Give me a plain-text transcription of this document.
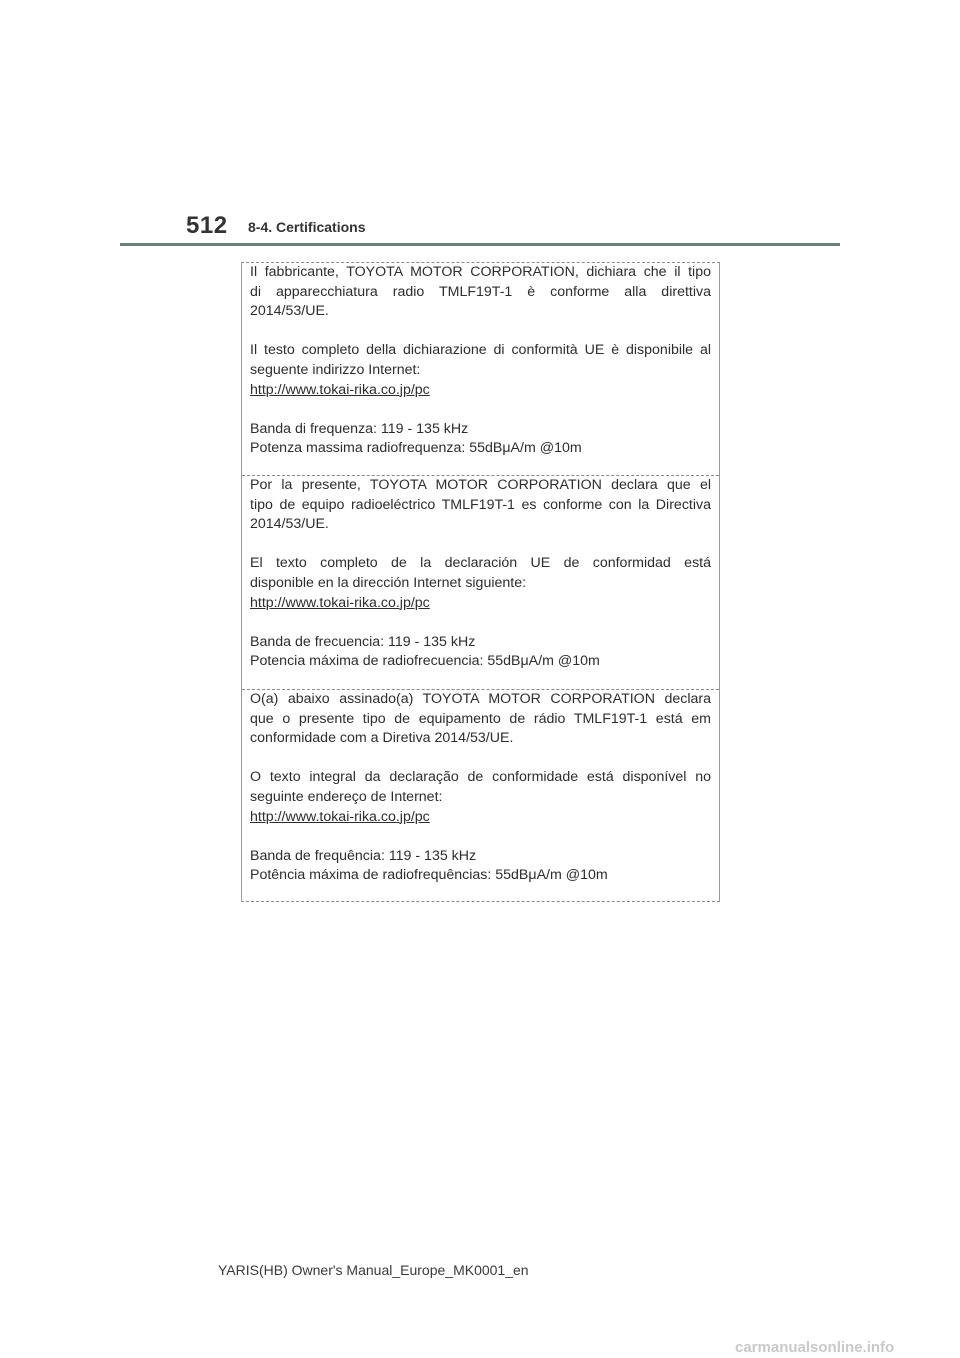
512 8-4. Certifications

Il fabbricante, TOYOTA MOTOR CORPORATION, dichiara che il tipo
di apparecchiatura radio TMLF19T-1 è conforme alla direttiva
2014/53/UE.

Il testo completo della dichiarazione di conformità UE è disponibile al
seguente indirizzo Internet:

http://www.tokai-rika.co.jp/pc
Banda di frequenza: 119 - 135 kHz
Potenza massima radiofrequenza: 55dBμA/m @10m

Por la presente, TOYOTA MOTOR CORPORATION declara que el
tipo de equipo radioeléctrico TMLF19T-1 es conforme con la Directiva
2014/53/UE.

El texto completo de la declaración UE de conformidad está
disponible en la dirección Internet siguiente:

http://www.tokai-rika.co.jp/pc
Banda de frecuencia: 119 - 135 kHz
Potencia máxima de radiofrecuencia: 55dBμA/m @10m

O(a) abaixo assinado(a) TOYOTA MOTOR CORPORATION declara
que o presente tipo de equipamento de rádio TMLF19T-1 está em
conformidade com a Diretiva 2014/53/UE.

O texto integral da declaração de conformidade está disponível no
seguinte endereço de Internet:

http://www.tokai-rika.co.jp/pc
Banda de frequência: 119 - 135 kHz
Potência máxima de radiofrequências: 55dBμA/m @10m
YARIS(HB) Owner's Manual_Europe_MK0001_en
carmanualsonline.info
